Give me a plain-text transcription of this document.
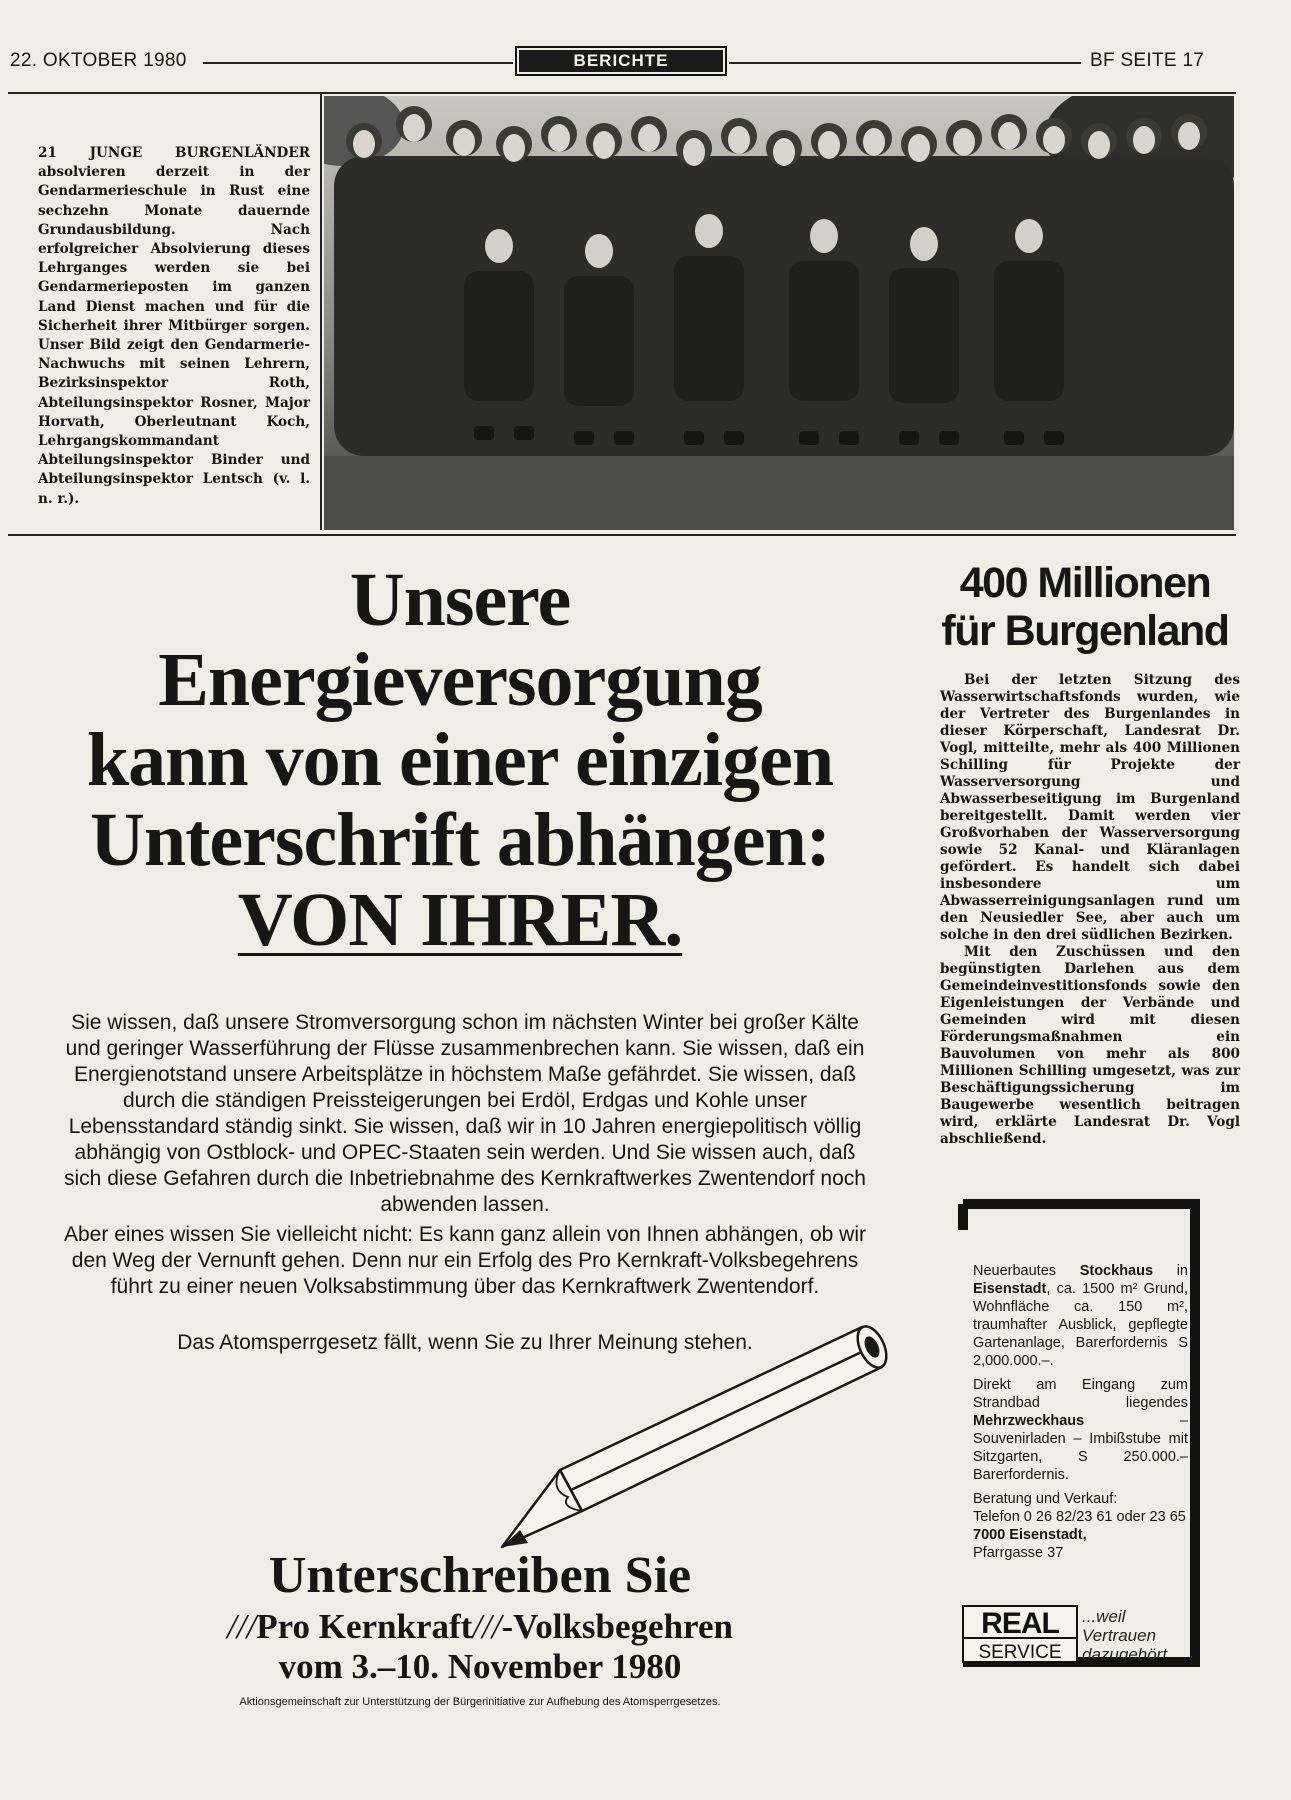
22. OKTOBER 1980	BERICHTE	BF SEITE 17
21 JUNGE BURGENLÄNDER absolvieren derzeit in der Gendarmerieschule in Rust eine sechzehn Monate dauernde Grundausbildung. Nach erfolgreicher Absolvierung dieses Lehrganges werden sie bei Gendarmerieposten im ganzen Land Dienst machen und für die Sicherheit ihrer Mitbürger sorgen. Unser Bild zeigt den Gendarmerie-Nachwuchs mit seinen Lehrern, Bezirksinspektor Roth, Abteilungsinspektor Rosner, Major Horvath, Oberleutnant Koch, Lehrgangskommandant Abteilungsinspektor Binder und Abteilungsinspektor Lentsch (v. l. n. r.).
Unsere
Energieversorgung
kann von einer einzigen
Unterschrift abhängen:
VON IHRER.
Sie wissen, daß unsere Stromversorgung schon im nächsten Winter bei großer Kälte und geringer Wasserführung der Flüsse zusammenbrechen kann. Sie wissen, daß ein Energienotstand unsere Arbeitsplätze in höchstem Maße gefährdet. Sie wissen, daß durch die ständigen Preissteigerungen bei Erdöl, Erdgas und Kohle unser Lebensstandard ständig sinkt. Sie wissen, daß wir in 10 Jahren energiepolitisch völlig abhängig von Ostblock- und OPEC-Staaten sein werden. Und Sie wissen auch, daß sich diese Gefahren durch die Inbetriebnahme des Kernkraftwerkes Zwentendorf noch abwenden lassen.
Aber eines wissen Sie vielleicht nicht: Es kann ganz allein von Ihnen abhängen, ob wir den Weg der Vernunft gehen. Denn nur ein Erfolg des Pro Kernkraft-Volksbegehrens führt zu einer neuen Volksabstimmung über das Kernkraftwerk Zwentendorf.
Das Atomsperrgesetz fällt, wenn Sie zu Ihrer Meinung stehen.
Unterschreiben Sie
///Pro Kernkraft///-Volksbegehren
vom 3.–10. November 1980
Aktionsgemeinschaft zur Unterstützung der Bürgerinitiative zur Aufhebung des Atomsperrgesetzes.
400 Millionen
für Burgenland

Bei der letzten Sitzung des Wasserwirtschaftsfonds wurden, wie der Vertreter des Burgenlandes in dieser Körperschaft, Landesrat Dr. Vogl, mitteilte, mehr als 400 Millionen Schilling für Projekte der Wasserversorgung und Abwasserbeseitigung im Burgenland bereitgestellt. Damit werden vier Großvorhaben der Wasserversorgung sowie 52 Kanal- und Kläranlagen gefördert. Es handelt sich dabei insbesondere um Abwasserreinigungsanlagen rund um den Neusiedler See, aber auch um solche in den drei südlichen Bezirken.

Mit den Zuschüssen und den begünstigten Darlehen aus dem Gemeindeinvestitionsfonds sowie den Eigenleistungen der Verbände und Gemeinden wird mit diesen Förderungsmaßnahmen ein Bauvolumen von mehr als 800 Millionen Schilling umgesetzt, was zur Beschäftigungssicherung im Baugewerbe wesentlich beitragen wird, erklärte Landesrat Dr. Vogl abschließend.

Neuerbautes Stockhaus in Eisenstadt, ca. 1500 m² Grund, Wohnfläche ca. 150 m², traumhafter Ausblick, gepflegte Gartenanlage, Barerfordernis S 2,000.000.–.

Direkt am Eingang zum Strandbad liegendes Mehrzweckhaus – Souvenirladen – Imbißstube mit Sitzgarten, S 250.000.– Barerfordernis.

Beratung und Verkauf:
Telefon 0 26 82/23 61 oder 23 65
7000 Eisenstadt,
Pfarrgasse 37

REAL
SERVICE
...weil
Vertrauen
dazugehört
